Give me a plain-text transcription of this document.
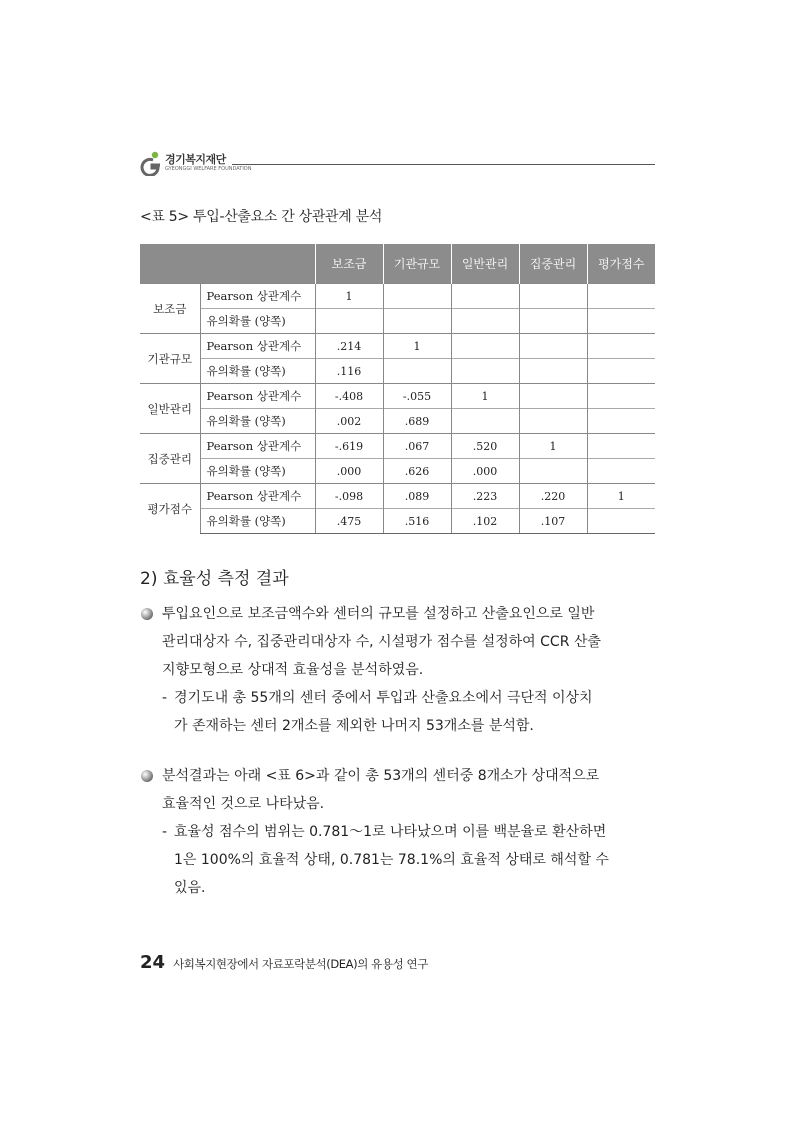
경기복지재단
GYEONGGI WELFARE FOUNDATION
<표 5> 투입-산출요소 간 상관관계 분석
		보조금	기관규모	일반관리	집중관리	평가점수
보조금	Pearson 상관계수	1				
	유의확률 (양쪽)					
기관규모	Pearson 상관계수	.214	1			
	유의확률 (양쪽)	.116				
일반관리	Pearson 상관계수	-.408	-.055	1		
	유의확률 (양쪽)	.002	.689			
집중관리	Pearson 상관계수	-.619	.067	.520	1	
	유의확률 (양쪽)	.000	.626	.000		
평가점수	Pearson 상관계수	-.098	.089	.223	.220	1
	유의확률 (양쪽)	.475	.516	.102	.107	
2) 효율성 측정 결과
투입요인으로 보조금액수와 센터의 규모를 설정하고 산출요인으로 일반
관리대상자 수, 집중관리대상자 수, 시설평가 점수를 설정하여 CCR 산출
지향모형으로 상대적 효율성을 분석하였음.
- 경기도내 총 55개의 센터 중에서 투입과 산출요소에서 극단적 이상치
가 존재하는 센터 2개소를 제외한 나머지 53개소를 분석함.
분석결과는 아래 <표 6>과 같이 총 53개의 센터중 8개소가 상대적으로
효율적인 것으로 나타났음.
- 효율성 점수의 범위는 0.781～1로 나타났으며 이를 백분율로 환산하면
1은 100%의 효율적 상태, 0.781는 78.1%의 효율적 상태로 해석할 수
있음.
24 사회복지현장에서 자료포락분석(DEA)의 유용성 연구
